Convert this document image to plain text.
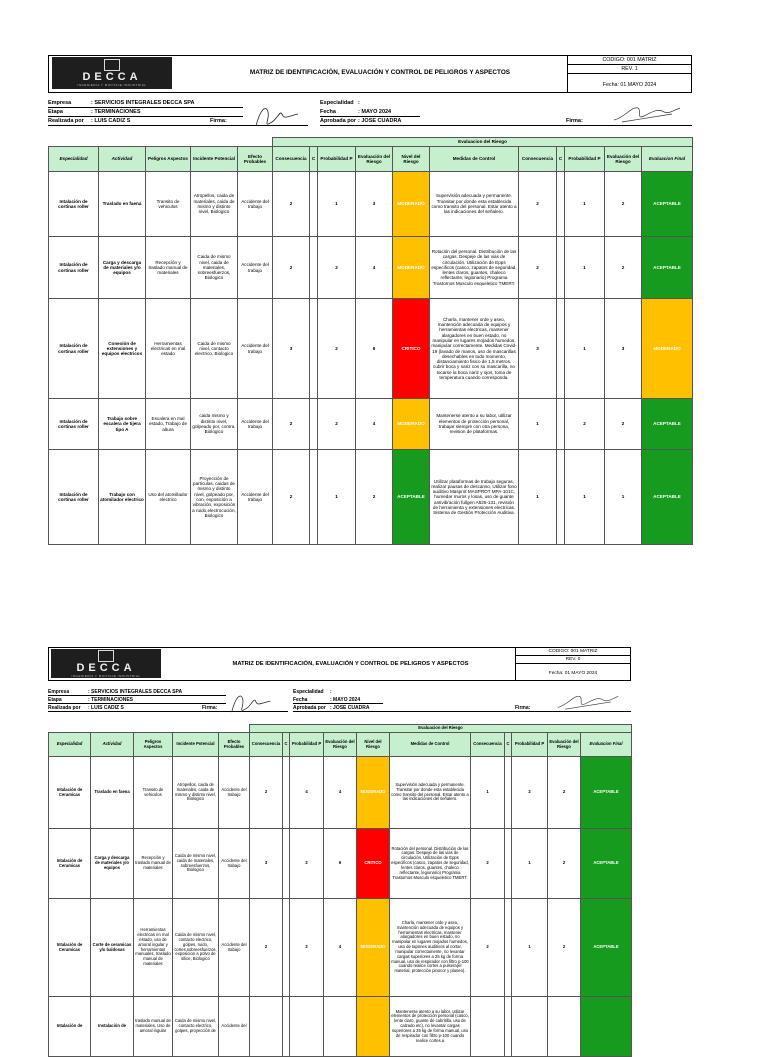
DECCA
INGENIERIA Y MONTAJE INDUSTRIAL
MATRIZ DE IDENTIFICACIÓN, EVALUACIÓN Y CONTROL DE PELIGROS Y ASPECTOS
CODIGO: 001 MATRIZ
REV. 1
Fecha: 01 MAYO 2024
Empresa	: SERVICIOS INTEGRALES DECCA SPA
Etapa	: TERMINACIONES
Realizada por : LUIS CADIZ S	Firma:
Especialidad :
Fecha	: MAYO 2024
Aprobada por : JOSE CUADRA	Firma:
					Evaluacion del Riesgo										
Especialidad	Actividad	Peligros Aspectos	Incidente Potencial	Efecto Probables	Consecuencia	C	Probabilidad P	Evaluación del Riesgo	Nivel del Riesgo	Medidas de Control	Consecuencia	C	Probabilidad P	Evaluación del Riesgo	Evaluacion Final
Intalación de cortinas roller	Traslado en faena	Transito de vehiculos	Atropellos, caida de materiales, caida de mismo y distinto nivel, Biologico	Accidente del trabajo	2		1	3	MODERADO	Supervisión adecuada y permanente. Transitar por donde esta establecida como transito del personal. Estar atento a las indicaciones del señalero.	2		1	2	ACEPTABLE
Intalación de cortinas roller	Carga y descarga de materiales y/o equipos	Recepción y traslado manual de materiales	Caida de mismo nivel, caida de materiales, sobreesfuerzos, Biologico	Accidente del trabajo	2		2	4	MODERADO	Rotación del personal. Distribución de las cargas. Despeje de las vias de circulación. Utilización de Epps especificos (casco, zapatos de seguridad, lentes claros, guantes, chaleco reflectante, legionario) Programa Trastornos Musculo esqueletico TMERT.	2		1	2	ACEPTABLE
Intalación de cortinas roller	Conexión de extensiones y equipos electricos	Herramientas electricas en mal estado	Caida de mismo nivel, contacto electrico, Biologico	Accidente del trabajo	3		2	6	CRITICO	Charla, mantener orde y aseo, mantención adecuada de equipos y herramientas electricas, mantener alargadores en buen estado, no manipular en lugares mojados humedos, manipular correctamente. Medidas Covid-19 (lavado de manos, uso de mascarillas desechables en todo momento, distanciamiento fisico de 1,5 metros, cubrir boca y nariz con su mascarilla, no tocarse la boca nariz y ojos, toma de temperatura cuando corresponda.	3		1	3	MODERADO
Intalación de cortinas roller	Trabajo sobre escalera de tijera tipo A	Escalera en mal estado, Trabajo de altura	caida mismo y distinto nivel, golpeado por, contra. Biologico	Accidente del trabajo	2		2	4	MODERADO	Mantenerse atento a su labor, utilizar elementos de protección personal, trabajar siempre con otra persona, revision de plataformas.	1		2	2	ACEPTABLE
Intalación de cortinas roller	Trabajo con atomilador electrico	Uso del atomillador electrico	Proyección de particulas, caidas de mismo y distinto nivel, golpeado por, con, exposición a vibración, exposición a ruido,electrocución, Biologico	Accidente del trabajo	2		1	2	ACEPTABLE	Utilizar plataformas de trabajo seguras, realizar pausas de descanso, Utilizar fono auditivo Masprot MASPROT MPA-101C, humedar muros y losas, uso de guante antivibración fullgen A525-131, revisión de herramienta y extensiones electricas. Sistema de Gestión Protección Auditiva.	1		1	1	ACEPTABLE
DECCA
INGENIERIA Y MONTAJE INDUSTRIAL
MATRIZ DE IDENTIFICACIÓN, EVALUACIÓN Y CONTROL DE PELIGROS Y ASPECTOS
CODIGO: 001 MATRIZ
REV. 0
Fecha: 01 MAYO 2024
Empresa	: SERVICIOS INTEGRALES DECCA SPA
Etapa	: TERMINACIONES
Realizada por : LUIS CADIZ S	Firma:
Especialidad :
Fecha	: MAYO 2024
Aprobada por : JOSE CUADRA	Firma:
					Evaluacion del Riesgo										
Especialidad	Actividad	Peligros Aspectos	Incidente Potencial	Efecto Probables	Consecuencia	C	Probabilidad P	Evaluación del Riesgo	Nivel del Riesgo	Medidas de Control	Consecuencia	C	Probabilidad P	Evaluación del Riesgo	Evaluacion Final
Intalación de Ceramicas	Traslado en faena	Transito de vehiculos	Atropellos, caida de materiales, caida de mismo y distinto nivel, Biologico	Accidente del trabajo	2		4	4	MODERADO	Supervisión adecuada y permanente. Transitar por donde esta establecida como transito del personal. Estar atento a las indicaciones del señalero.	1		2	2	ACEPTABLE
Intalación de Ceramicas	Carga y descarga de materiales y/o equipos	Recepción y traslado manual de materiales	Caida de mismo nivel, caida de materiales, sobreesfuerzos, Biologico	Accidente del trabajo	3		2	6	CRITICO	Rotación del personal. Distribución de las cargas. Despeje de las vias de circulación. Utilización de Epps especificos (casco, zapatos de seguridad, lentes claros, guantes, chaleco reflectante, legionario) Programa Trastornos Musculo esqueletico TMERT.	2		1	2	ACEPTABLE
Intalación de Ceramicas	Corte de ceramicas y/o baldosas	Herramientas electricas en mal estado, uso de amoral ingular y herramientas manuales, traslado manual de materiales	Caida de mismo nivel, contacto electrico, golpes, ruido, cortes,sobreesfuerzos, exposicion a polvo de silice, Biologico	Accidente del trabajo	2		2	4	MODERADO	Charla, mantener orde y aseo, mantención adecuada de equipos y herramientas electricas, mantener alargadores en buen estado, no manipular en lugares mojados humedos, uso de tapones auditivos al cortar, manipular correctamente, no levantar cargas superiores a 25 kg de forma manual, uso de respirador con filtro p-100 cuando realice cortes a pulsera(el material, protección pinocor y planeo).	2		1	2	ACEPTABLE
Intalación de	Instalación de	traslado manual de materiales, Uso de amoral ingular	Caida de mismo nivel, contacto electrico, golpes, proyección de	Accidente del						Mantenerse atento a su labor, utilizar elementos de protección personal (casco, lente claro, guante de cabritilla, uso de calzado etc), no levantar cargas superiores a 25 kg de forma manual, uso de respirador con filtro p-100 cuando realice cortes a					
